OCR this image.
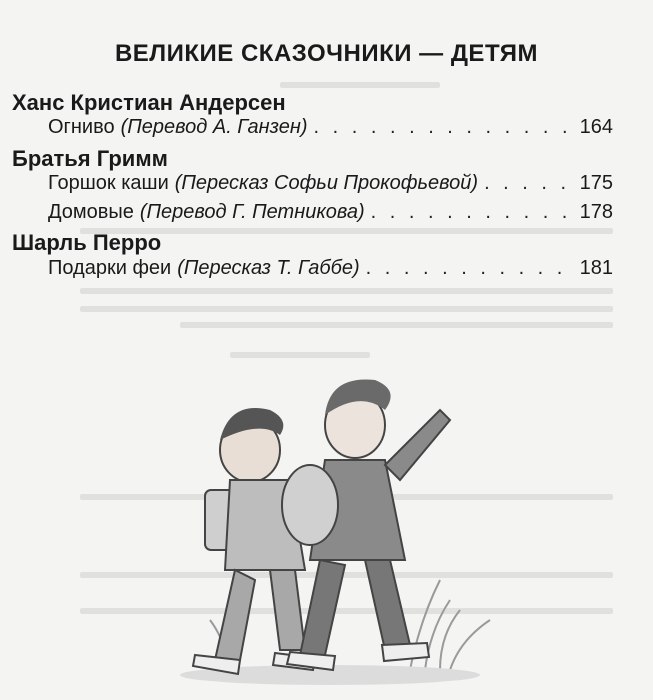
ВЕЛИКИЕ СКАЗОЧНИКИ — ДЕТЯМ
Ханс Кристиан Андерсен
Огниво (Перевод А. Ганзен) . . .	164
Братья Гримм
Горшок каши (Пересказ Софьи Прокофьевой) . . .	175
Домовые (Перевод Г. Петникова) . . .	178
Шарль Перро
Подарки феи (Пересказ Т. Габбе) . . .	181
